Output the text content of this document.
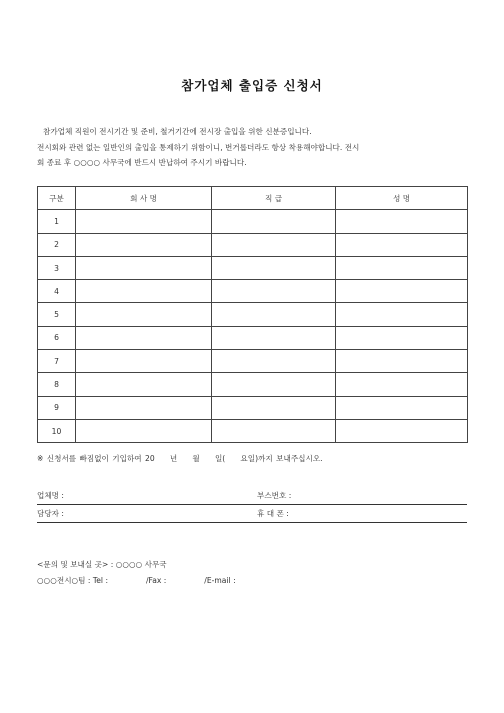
참가업체 출입증 신청서
참가업체 직원이 전시기간 및 준비, 철거기간에 전시장 출입을 위한 신분증입니다.
전시회와 관련 없는 일반인의 출입을 통제하기 위함이니, 번거롭더라도 항상 착용해야합니다. 전시
회 종료 후 ○○○○ 사무국에 반드시 반납하여 주시기 바랍니다.
구분	회 사 명	직 급	성 명
1			
2			
3			
4			
5			
6			
7			
8			
9			
10			
※ 신청서를 빠짐없이 기입하여 20　　년　　월　　일(　　요일)까지 보내주십시오.
업체명 :	부스번호 :
담당자 :	휴 대 폰 :
<문의 및 보내실 곳> : ○○○○ 사무국
○○○전시○팀 : Tel :　　　　　/Fax :　　　　　/E-mail :
